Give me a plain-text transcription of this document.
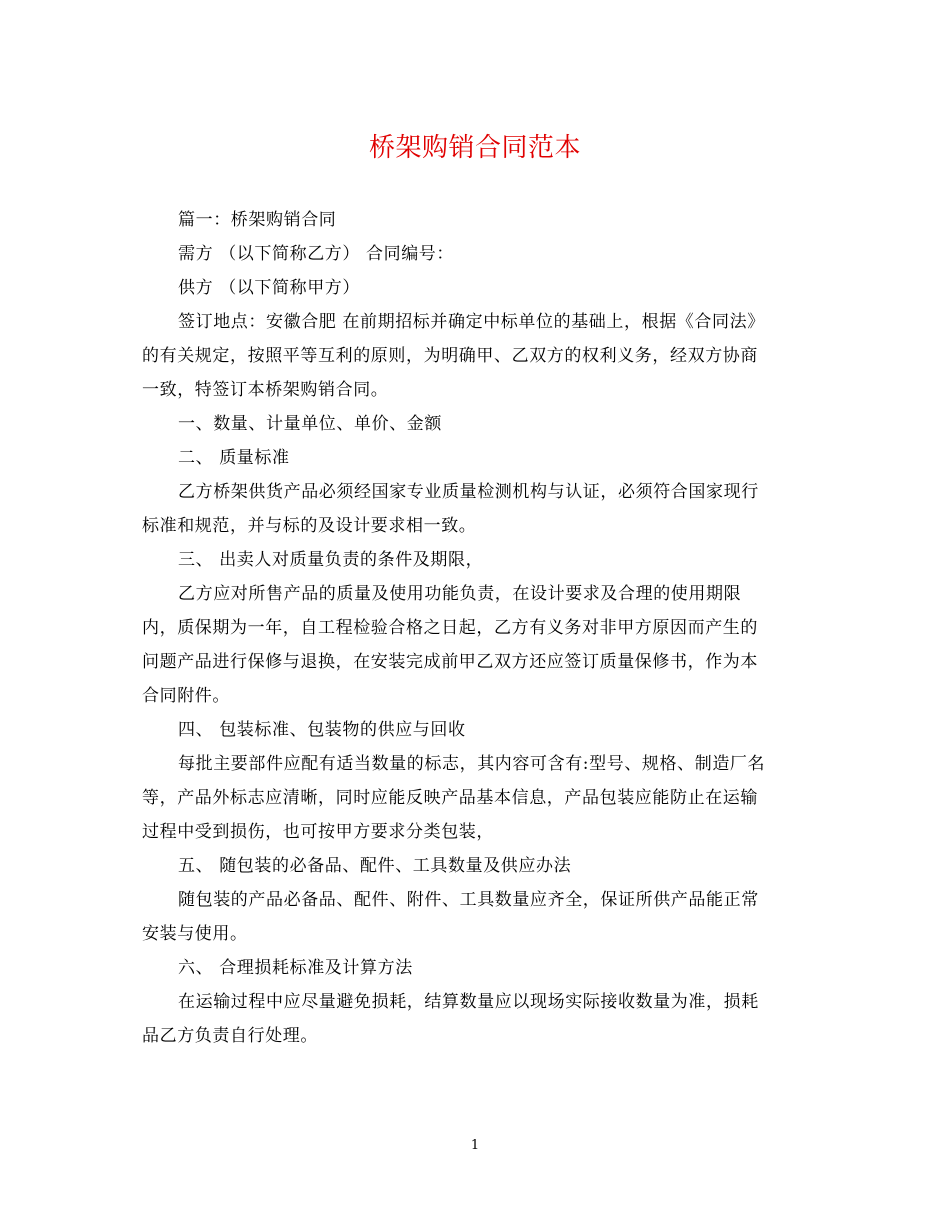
桥架购销合同范本

篇一：桥架购销合同

需方 （以下简称乙方） 合同编号：

供方 （以下简称甲方）

签订地点：安徽合肥 在前期招标并确定中标单位的基础上，根据《合同法》
的有关规定，按照平等互利的原则，为明确甲、乙双方的权利义务，经双方协商
一致，特签订本桥架购销合同。

一、数量、计量单位、单价、金额

二、 质量标准

乙方桥架供货产品必须经国家专业质量检测机构与认证，必须符合国家现行
标准和规范，并与标的及设计要求相一致。

三、 出卖人对质量负责的条件及期限，

乙方应对所售产品的质量及使用功能负责，在设计要求及合理的使用期限
内，质保期为一年，自工程检验合格之日起，乙方有义务对非甲方原因而产生的
问题产品进行保修与退换，在安装完成前甲乙双方还应签订质量保修书，作为本
合同附件。

四、 包装标准、包装物的供应与回收

每批主要部件应配有适当数量的标志，其内容可含有:型号、规格、制造厂名
等，产品外标志应清晰，同时应能反映产品基本信息，产品包装应能防止在运输
过程中受到损伤，也可按甲方要求分类包装，

五、 随包装的必备品、配件、工具数量及供应办法

随包装的产品必备品、配件、附件、工具数量应齐全，保证所供产品能正常
安装与使用。

六、 合理损耗标准及计算方法

在运输过程中应尽量避免损耗，结算数量应以现场实际接收数量为准，损耗
品乙方负责自行处理。

1
